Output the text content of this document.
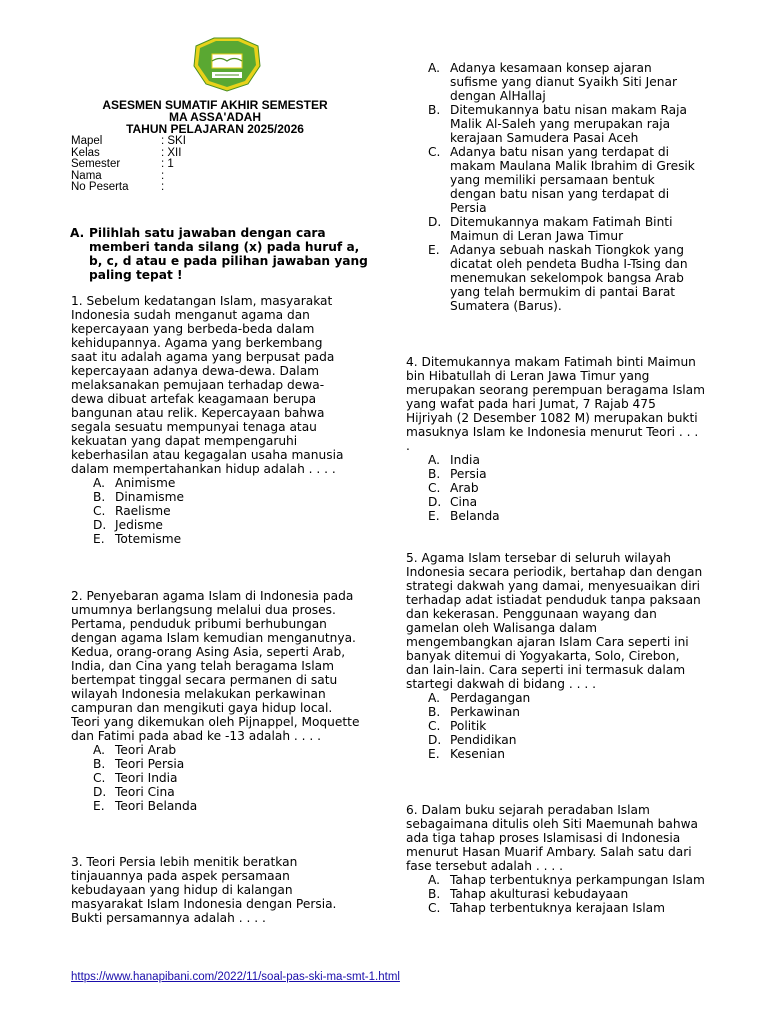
ASESMEN SUMATIF AKHIR SEMESTER
MA ASSA'ADAH
TAHUN PELAJARAN 2025/2026
Mapel	: SKI
Kelas	: XII
Semester	: 1
Nama	:
No Peserta	:
A. Pilihlah satu jawaban dengan cara memberi tanda silang (x) pada huruf a, b, c, d atau e pada pilihan jawaban yang paling tepat !
1. Sebelum kedatangan Islam, masyarakat Indonesia sudah menganut agama dan kepercayaan yang berbeda-beda dalam kehidupannya. Agama yang berkembang saat itu adalah agama yang berpusat pada kepercayaan adanya dewa-dewa. Dalam melaksanakan pemujaan terhadap dewa-dewa dibuat artefak keagamaan berupa bangunan atau relik. Kepercayaan bahwa segala sesuatu mempunyai tenaga atau kekuatan yang dapat mempengaruhi keberhasilan atau kegagalan usaha manusia dalam mempertahankan hidup adalah . . . .
A. Animisme
B. Dinamisme
C. Raelisme
D. Jedisme
E. Totemisme
2. Penyebaran agama Islam di Indonesia pada umumnya berlangsung melalui dua proses. Pertama, penduduk pribumi berhubungan dengan agama Islam kemudian menganutnya. Kedua, orang-orang Asing Asia, seperti Arab, India, dan Cina yang telah beragama Islam bertempat tinggal secara permanen di satu wilayah Indonesia melakukan perkawinan campuran dan mengikuti gaya hidup local. Teori yang dikemukan oleh Pijnappel, Moquette dan Fatimi pada abad ke -13 adalah . . . .
A. Teori Arab
B. Teori Persia
C. Teori India
D. Teori Cina
E. Teori Belanda
3. Teori Persia lebih menitik beratkan tinjauannya pada aspek persamaan kebudayaan yang hidup di kalangan masyarakat Islam Indonesia dengan Persia. Bukti persamannya adalah . . . .
A. Adanya kesamaan konsep ajaran sufisme yang dianut Syaikh Siti Jenar dengan AlHallaj
B. Ditemukannya batu nisan makam Raja Malik Al-Saleh yang merupakan raja kerajaan Samudera Pasai Aceh
C. Adanya batu nisan yang terdapat di makam Maulana Malik Ibrahim di Gresik yang memiliki persamaan bentuk dengan batu nisan yang terdapat di Persia
D. Ditemukannya makam Fatimah Binti Maimun di Leran Jawa Timur
E. Adanya sebuah naskah Tiongkok yang dicatat oleh pendeta Budha I-Tsing dan menemukan sekelompok bangsa Arab yang telah bermukim di pantai Barat Sumatera (Barus).
4. Ditemukannya makam Fatimah binti Maimun bin Hibatullah di Leran Jawa Timur yang merupakan seorang perempuan beragama Islam yang wafat pada hari Jumat, 7 Rajab 475 Hijriyah (2 Desember 1082 M) merupakan bukti masuknya Islam ke Indonesia menurut Teori . . . .
A. India
B. Persia
C. Arab
D. Cina
E. Belanda
5. Agama Islam tersebar di seluruh wilayah Indonesia secara periodik, bertahap dan dengan strategi dakwah yang damai, menyesuaikan diri terhadap adat istiadat penduduk tanpa paksaan dan kekerasan. Penggunaan wayang dan gamelan oleh Walisanga dalam mengembangkan ajaran Islam Cara seperti ini banyak ditemui di Yogyakarta, Solo, Cirebon, dan lain-lain. Cara seperti ini termasuk dalam startegi dakwah di bidang . . . .
A. Perdagangan
B. Perkawinan
C. Politik
D. Pendidikan
E. Kesenian
6. Dalam buku sejarah peradaban Islam sebagaimana ditulis oleh Siti Maemunah bahwa ada tiga tahap proses Islamisasi di Indonesia menurut Hasan Muarif Ambary. Salah satu dari fase tersebut adalah . . . .
A. Tahap terbentuknya perkampungan Islam
B. Tahap akulturasi kebudayaan
C. Tahap terbentuknya kerajaan Islam
https://www.hanapibani.com/2022/11/soal-pas-ski-ma-smt-1.html
